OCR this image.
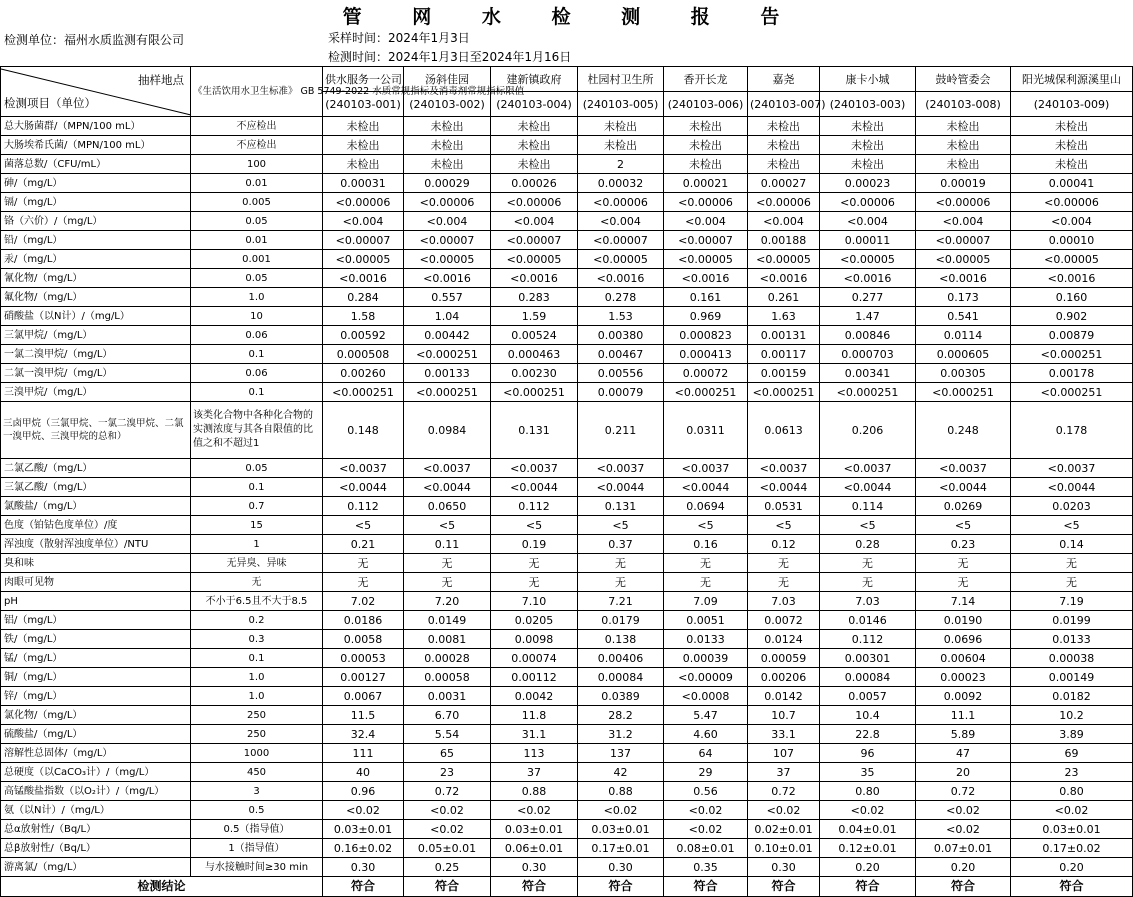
管	网	水	检	测	报	告
检测单位：福州水质监测有限公司	采样时间：2024年1月3日
检测时间：2024年1月3日至2024年1月16日
抽样地点
检测项目（单位）	《生活饮用水卫生标准》 GB 5749-2022 水质常规指标及消毒剂常规指标限值	供水服务一公司	汤斜佳园	建新镇政府	杜园村卫生所	香开长龙	嘉尧	康卡小城	鼓岭管委会	阳光城保利源溪里山
		(240103-001)	(240103-002)	(240103-004)	(240103-005)	(240103-006)	(240103-007)	(240103-003)	(240103-008)	(240103-009)
总大肠菌群/（MPN/100 mL）	不应检出	未检出	未检出	未检出	未检出	未检出	未检出	未检出	未检出	未检出
大肠埃希氏菌/（MPN/100 mL）	不应检出	未检出	未检出	未检出	未检出	未检出	未检出	未检出	未检出	未检出
菌落总数/（CFU/mL）	100	未检出	未检出	未检出	2	未检出	未检出	未检出	未检出	未检出
砷/（mg/L）	0.01	0.00031	0.00029	0.00026	0.00032	0.00021	0.00027	0.00023	0.00019	0.00041
镉/（mg/L）	0.005	<0.00006	<0.00006	<0.00006	<0.00006	<0.00006	<0.00006	<0.00006	<0.00006	<0.00006
铬（六价）/（mg/L）	0.05	<0.004	<0.004	<0.004	<0.004	<0.004	<0.004	<0.004	<0.004	<0.004
铅/（mg/L）	0.01	<0.00007	<0.00007	<0.00007	<0.00007	<0.00007	0.00188	0.00011	<0.00007	0.00010
汞/（mg/L）	0.001	<0.00005	<0.00005	<0.00005	<0.00005	<0.00005	<0.00005	<0.00005	<0.00005	<0.00005
氰化物/（mg/L）	0.05	<0.0016	<0.0016	<0.0016	<0.0016	<0.0016	<0.0016	<0.0016	<0.0016	<0.0016
氟化物/（mg/L）	1.0	0.284	0.557	0.283	0.278	0.161	0.261	0.277	0.173	0.160
硝酸盐（以N计）/（mg/L）	10	1.58	1.04	1.59	1.53	0.969	1.63	1.47	0.541	0.902
三氯甲烷/（mg/L）	0.06	0.00592	0.00442	0.00524	0.00380	0.000823	0.00131	0.00846	0.0114	0.00879
一氯二溴甲烷/（mg/L）	0.1	0.000508	<0.000251	0.000463	0.00467	0.000413	0.00117	0.000703	0.000605	<0.000251
二氯一溴甲烷/（mg/L）	0.06	0.00260	0.00133	0.00230	0.00556	0.00072	0.00159	0.00341	0.00305	0.00178
三溴甲烷/（mg/L）	0.1	<0.000251	<0.000251	<0.000251	0.00079	<0.000251	<0.000251	<0.000251	<0.000251	<0.000251
三卤甲烷（三氯甲烷、一氯二溴甲烷、二氯一溴甲烷、三溴甲烷的总和）	该类化合物中各种化合物的实测浓度与其各自限值的比值之和不超过1	0.148	0.0984	0.131	0.211	0.0311	0.0613	0.206	0.248	0.178
二氯乙酸/（mg/L）	0.05	<0.0037	<0.0037	<0.0037	<0.0037	<0.0037	<0.0037	<0.0037	<0.0037	<0.0037
三氯乙酸/（mg/L）	0.1	<0.0044	<0.0044	<0.0044	<0.0044	<0.0044	<0.0044	<0.0044	<0.0044	<0.0044
氯酸盐/（mg/L）	0.7	0.112	0.0650	0.112	0.131	0.0694	0.0531	0.114	0.0269	0.0203
色度（铂钴色度单位）/度	15	<5	<5	<5	<5	<5	<5	<5	<5	<5
浑浊度（散射浑浊度单位）/NTU	1	0.21	0.11	0.19	0.37	0.16	0.12	0.28	0.23	0.14
臭和味	无异臭、异味	无	无	无	无	无	无	无	无	无
肉眼可见物	无	无	无	无	无	无	无	无	无	无
pH	不小于6.5且不大于8.5	7.02	7.20	7.10	7.21	7.09	7.03	7.03	7.14	7.19
铝/（mg/L）	0.2	0.0186	0.0149	0.0205	0.0179	0.0051	0.0072	0.0146	0.0190	0.0199
铁/（mg/L）	0.3	0.0058	0.0081	0.0098	0.138	0.0133	0.0124	0.112	0.0696	0.0133
锰/（mg/L）	0.1	0.00053	0.00028	0.00074	0.00406	0.00039	0.00059	0.00301	0.00604	0.00038
铜/（mg/L）	1.0	0.00127	0.00058	0.00112	0.00084	<0.00009	0.00206	0.00084	0.00023	0.00149
锌/（mg/L）	1.0	0.0067	0.0031	0.0042	0.0389	<0.0008	0.0142	0.0057	0.0092	0.0182
氯化物/（mg/L）	250	11.5	6.70	11.8	28.2	5.47	10.7	10.4	11.1	10.2
硫酸盐/（mg/L）	250	32.4	5.54	31.1	31.2	4.60	33.1	22.8	5.89	3.89
溶解性总固体/（mg/L）	1000	111	65	113	137	64	107	96	47	69
总硬度（以CaCO₃计）/（mg/L）	450	40	23	37	42	29	37	35	20	23
高锰酸盐指数（以O₂计）/（mg/L）	3	0.96	0.72	0.88	0.88	0.56	0.72	0.80	0.72	0.80
氨（以N计）/（mg/L）	0.5	<0.02	<0.02	<0.02	<0.02	<0.02	<0.02	<0.02	<0.02	<0.02
总α放射性/（Bq/L）	0.5（指导值）	0.03±0.01	<0.02	0.03±0.01	0.03±0.01	<0.02	0.02±0.01	0.04±0.01	<0.02	0.03±0.01
总β放射性/（Bq/L）	1（指导值）	0.16±0.02	0.05±0.01	0.06±0.01	0.17±0.01	0.08±0.01	0.10±0.01	0.12±0.01	0.07±0.01	0.17±0.02
游离氯/（mg/L）	与水接触时间≥30 min	0.30	0.25	0.30	0.30	0.35	0.30	0.20	0.20	0.20
检测结论		符合	符合	符合	符合	符合	符合	符合	符合	符合
